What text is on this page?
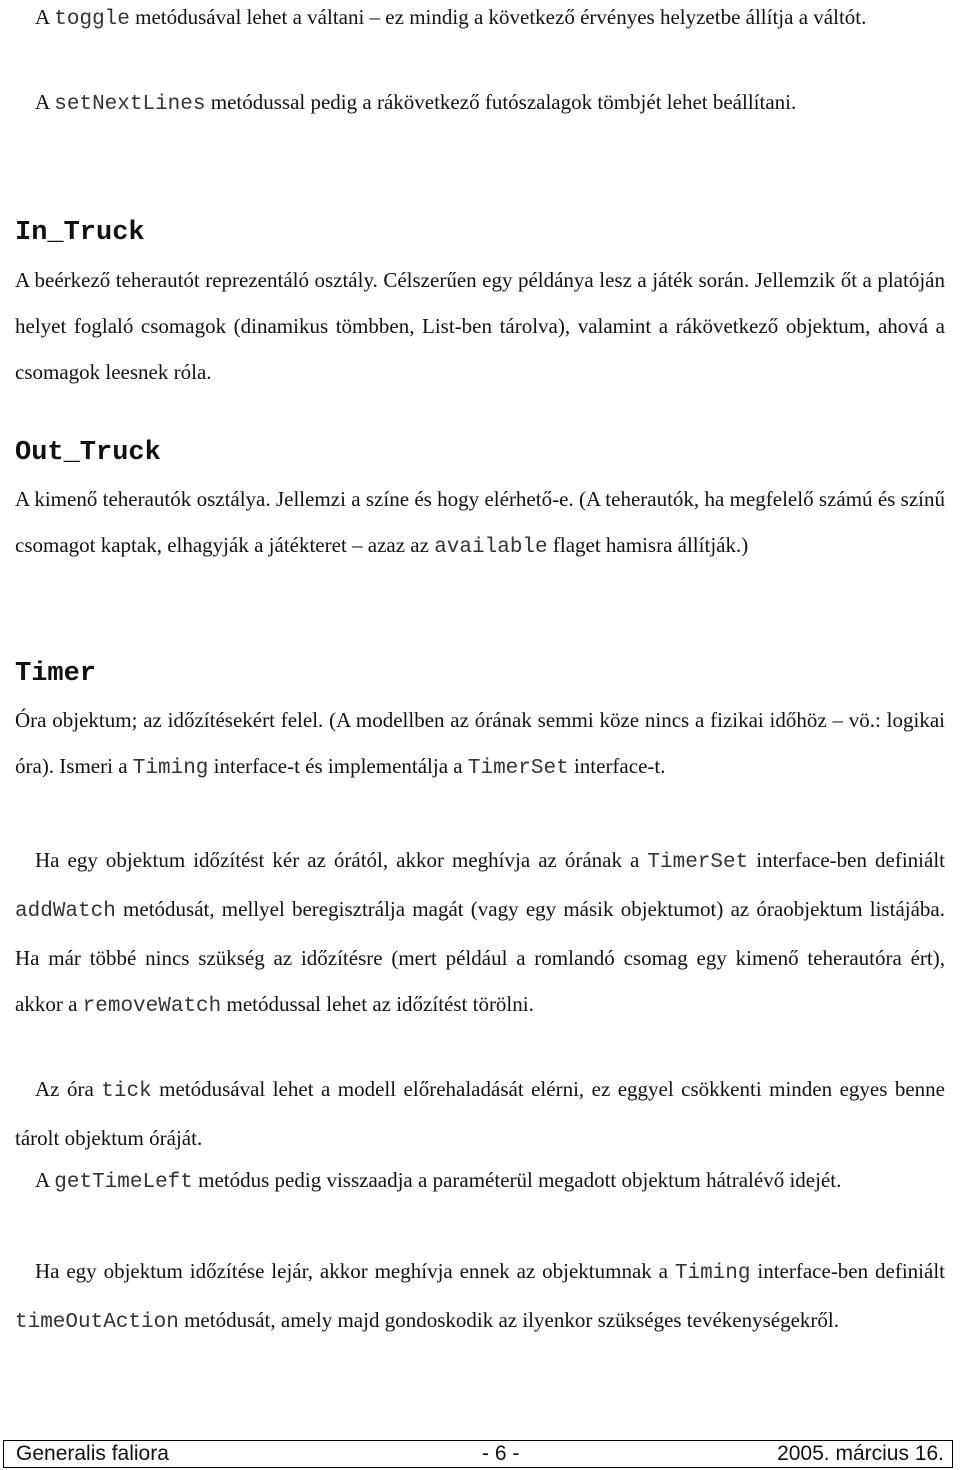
A toggle metódusával lehet a váltani – ez mindig a következő érvényes helyzetbe állítja a váltót.

A setNextLines metódussal pedig a rákövetkező futószalagok tömbjét lehet beállítani.

In_Truck

A beérkező teherautót reprezentáló osztály. Célszerűen egy példánya lesz a játék során. Jellemzik őt a platóján helyet foglaló csomagok (dinamikus tömbben, List-ben tárolva), valamint a rákövetkező objektum, ahová a csomagok leesnek róla.

Out_Truck

A kimenő teherautók osztálya. Jellemzi a színe és hogy elérhető-e. (A teherautók, ha megfelelő számú és színű csomagot kaptak, elhagyják a játékteret – azaz az available flaget hamisra állítják.)

Timer

Óra objektum; az időzítésekért felel. (A modellben az órának semmi köze nincs a fizikai időhöz – vö.: logikai óra). Ismeri a Timing interface-t és implementálja a TimerSet interface-t.

Ha egy objektum időzítést kér az órától, akkor meghívja az órának a TimerSet interface-ben definiált addWatch metódusát, mellyel beregisztrálja magát (vagy egy másik objektumot) az óraobjektum listájába. Ha már többé nincs szükség az időzítésre (mert például a romlandó csomag egy kimenő teherautóra ért), akkor a removeWatch metódussal lehet az időzítést törölni.

Az óra tick metódusával lehet a modell előrehaladását elérni, ez eggyel csökkenti minden egyes benne tárolt objektum óráját.

A getTimeLeft metódus pedig visszaadja a paraméterül megadott objektum hátralévő idejét.

Ha egy objektum időzítése lejár, akkor meghívja ennek az objektumnak a Timing interface-ben definiált timeOutAction metódusát, amely majd gondoskodik az ilyenkor szükséges tevékenységekről.

Generalis faliora	- 6 -	2005. március 16.
